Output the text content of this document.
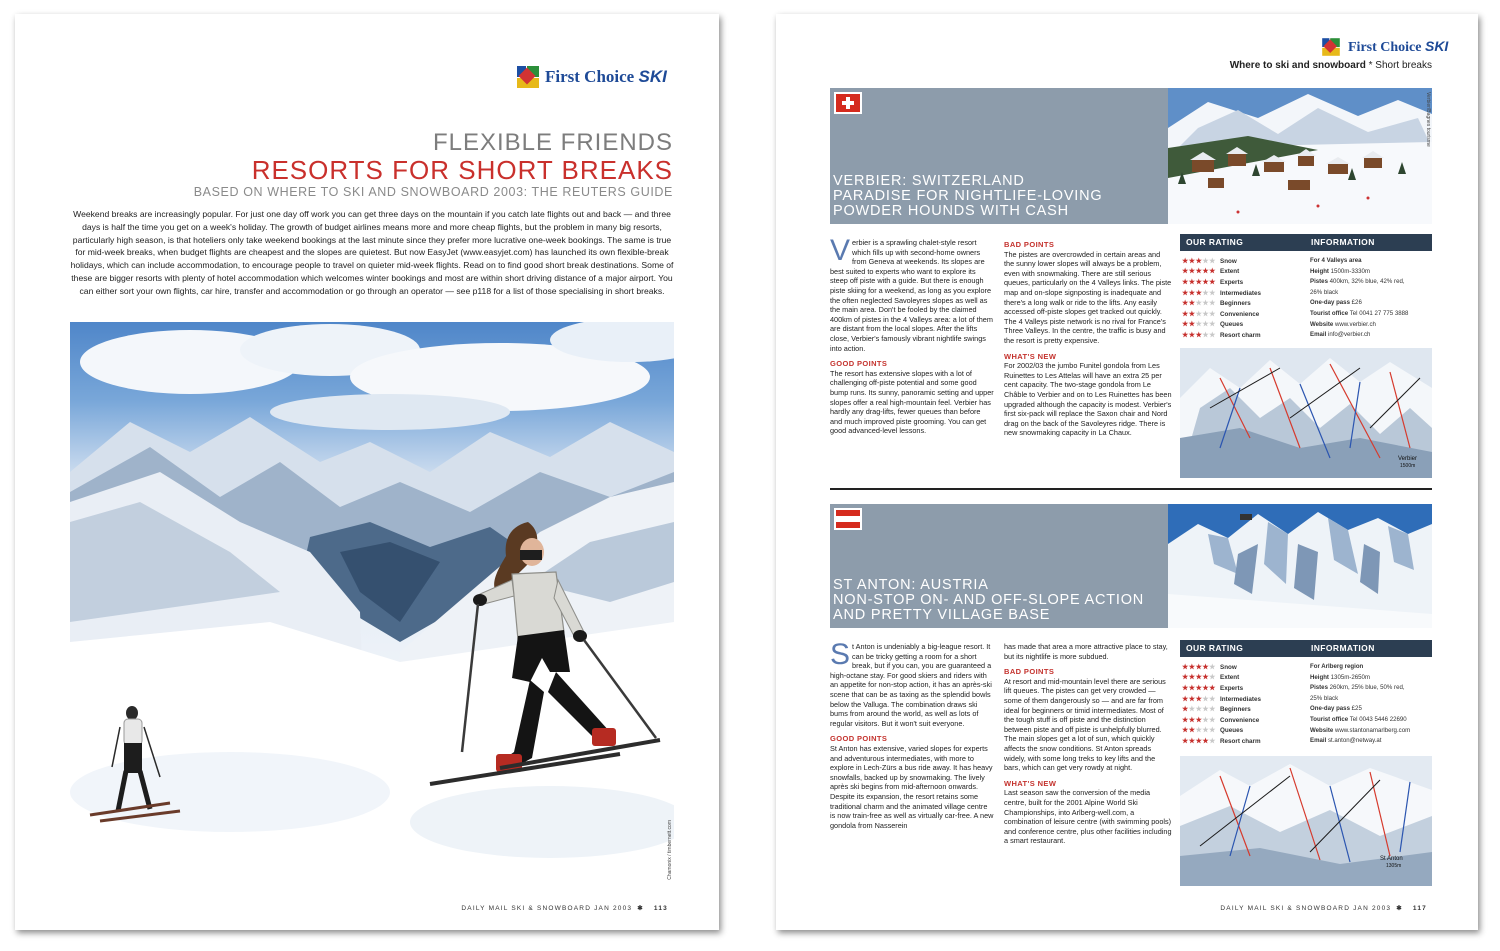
First Choice SKI
FLEXIBLE FRIENDS
RESORTS FOR SHORT BREAKS
BASED ON WHERE TO SKI AND SNOWBOARD 2003: THE REUTERS GUIDE
Weekend breaks are increasingly popular. For just one day off work you can get three days on the mountain if you catch late flights out and back — and three days is half the time you get on a week's holiday. The growth of budget airlines means more and more cheap flights, but the problem in many big resorts, particularly high season, is that hoteliers only take weekend bookings at the last minute since they prefer more lucrative one-week bookings. The same is true for mid-week breaks, when budget flights are cheapest and the slopes are quietest. But now EasyJet (www.easyjet.com) has launched its own flexible-break holidays, which can include accommodation, to encourage people to travel on quieter mid-week flights. Read on to find good short break destinations. Some of these are bigger resorts with plenty of hotel accommodation which welcomes winter bookings and most are within short driving distance of a major airport. You can either sort your own flights, car hire, transfer and accommodation or go through an operator — see p118 for a list of those specialising in short breaks.
Chamonix / timbernett.com
DAILY MAIL SKI & SNOWBOARD JAN 2003 ✱ 113
First Choice SKI
Where to ski and snowboard * Short breaks
VERBIER: SWITZERLAND
PARADISE FOR NIGHTLIFE-LOVING
POWDER HOUNDS WITH CASH
Verbier/Bagnes tourisme

Verbier is a sprawling chalet-style resort which fills up with second-home owners from Geneva at weekends. Its slopes are best suited to experts who want to explore its steep off piste with a guide. But there is enough piste skiing for a weekend, as long as you explore the often neglected Savoleyres slopes as well as the main area. Don't be fooled by the claimed 400km of pistes in the 4 Valleys area: a lot of them are distant from the local slopes. After the lifts close, Verbier's famously vibrant nightlife swings into action.

GOOD POINTS

The resort has extensive slopes with a lot of challenging off-piste potential and some good bump runs. Its sunny, panoramic setting and upper slopes offer a real high-mountain feel. Verbier has hardly any drag-lifts, fewer queues than before and much improved piste grooming. You can get good advanced-level lessons.

BAD POINTS

The pistes are overcrowded in certain areas and the sunny lower slopes will always be a problem, even with snowmaking. There are still serious queues, particularly on the 4 Valleys links. The piste map and on-slope signposting is inadequate and there's a long walk or ride to the lifts. Any easily accessed off-piste slopes get tracked out quickly. The 4 Valleys piste network is no rival for France's Three Valleys. In the centre, the traffic is busy and the resort is pretty expensive.

WHAT'S NEW

For 2002/03 the jumbo Funitel gondola from Les Ruinettes to Les Attelas will have an extra 25 per cent capacity. The two-stage gondola from Le Châble to Verbier and on to Les Ruinettes has been upgraded although the capacity is modest. Verbier's first six-pack will replace the Saxon chair and Nord drag on the back of the Savoleyres ridge. There is new snowmaking capacity in La Chaux.

OUR RATING	INFORMATION
★ ★ ★ ★ ★ Snow
★ ★ ★ ★ ★ Extent
★ ★ ★ ★ ★ Experts
★ ★ ★ ★ ★ Intermediates
★ ★ ★ ★ ★ Beginners
★ ★ ★ ★ ★ Convenience
★ ★ ★ ★ ★ Queues
★ ★ ★ ★ ★ Resort charm
For 4 Valleys area
Height 1500m-3330m
Pistes 400km, 32% blue, 42% red,
26% black
One-day pass £26
Tourist office Tel 0041 27 775 3888
Website www.verbier.ch
Email info@verbier.ch
Verbier
1500m
ST ANTON: AUSTRIA
NON-STOP ON- AND OFF-SLOPE ACTION
AND PRETTY VILLAGE BASE

St Anton is undeniably a big-league resort. It can be tricky getting a room for a short break, but if you can, you are guaranteed a high-octane stay. For good skiers and riders with an appetite for non-stop action, it has an après-ski scene that can be as taxing as the splendid bowls below the Valluga. The combination draws ski bums from around the world, as well as lots of regular visitors. But it won't suit everyone.

GOOD POINTS

St Anton has extensive, varied slopes for experts and adventurous intermediates, with more to explore in Lech-Zürs a bus ride away. It has heavy snowfalls, backed up by snowmaking. The lively après ski begins from mid-afternoon onwards. Despite its expansion, the resort retains some traditional charm and the animated village centre is now train-free as well as virtually car-free. A new gondola from Nasserein

has made that area a more attractive place to stay, but its nightlife is more subdued.

BAD POINTS

At resort and mid-mountain level there are serious lift queues. The pistes can get very crowded — some of them dangerously so — and are far from ideal for beginners or timid intermediates. Most of the tough stuff is off piste and the distinction between piste and off piste is unhelpfully blurred. The main slopes get a lot of sun, which quickly affects the snow conditions. St Anton spreads widely, with some long treks to key lifts and the bars, which can get very rowdy at night.

WHAT'S NEW

Last season saw the conversion of the media centre, built for the 2001 Alpine World Ski Championships, into Arlberg-well.com, a combination of leisure centre (with swimming pools) and conference centre, plus other facilities including a smart restaurant.

OUR RATING	INFORMATION
★ ★ ★ ★ ★ Snow
★ ★ ★ ★ ★ Extent
★ ★ ★ ★ ★ Experts
★ ★ ★ ★ ★ Intermediates
★ ★ ★ ★ ★ Beginners
★ ★ ★ ★ ★ Convenience
★ ★ ★ ★ ★ Queues
★ ★ ★ ★ ★ Resort charm
For Arlberg region
Height 1305m-2650m
Pistes 260km, 25% blue, 50% red,
25% black
One-day pass £25
Tourist office Tel 0043 5446 22690
Website www.stantonamarlberg.com
Email st.anton@netway.at
St Anton
1305m
DAILY MAIL SKI & SNOWBOARD JAN 2003 ✱ 117
